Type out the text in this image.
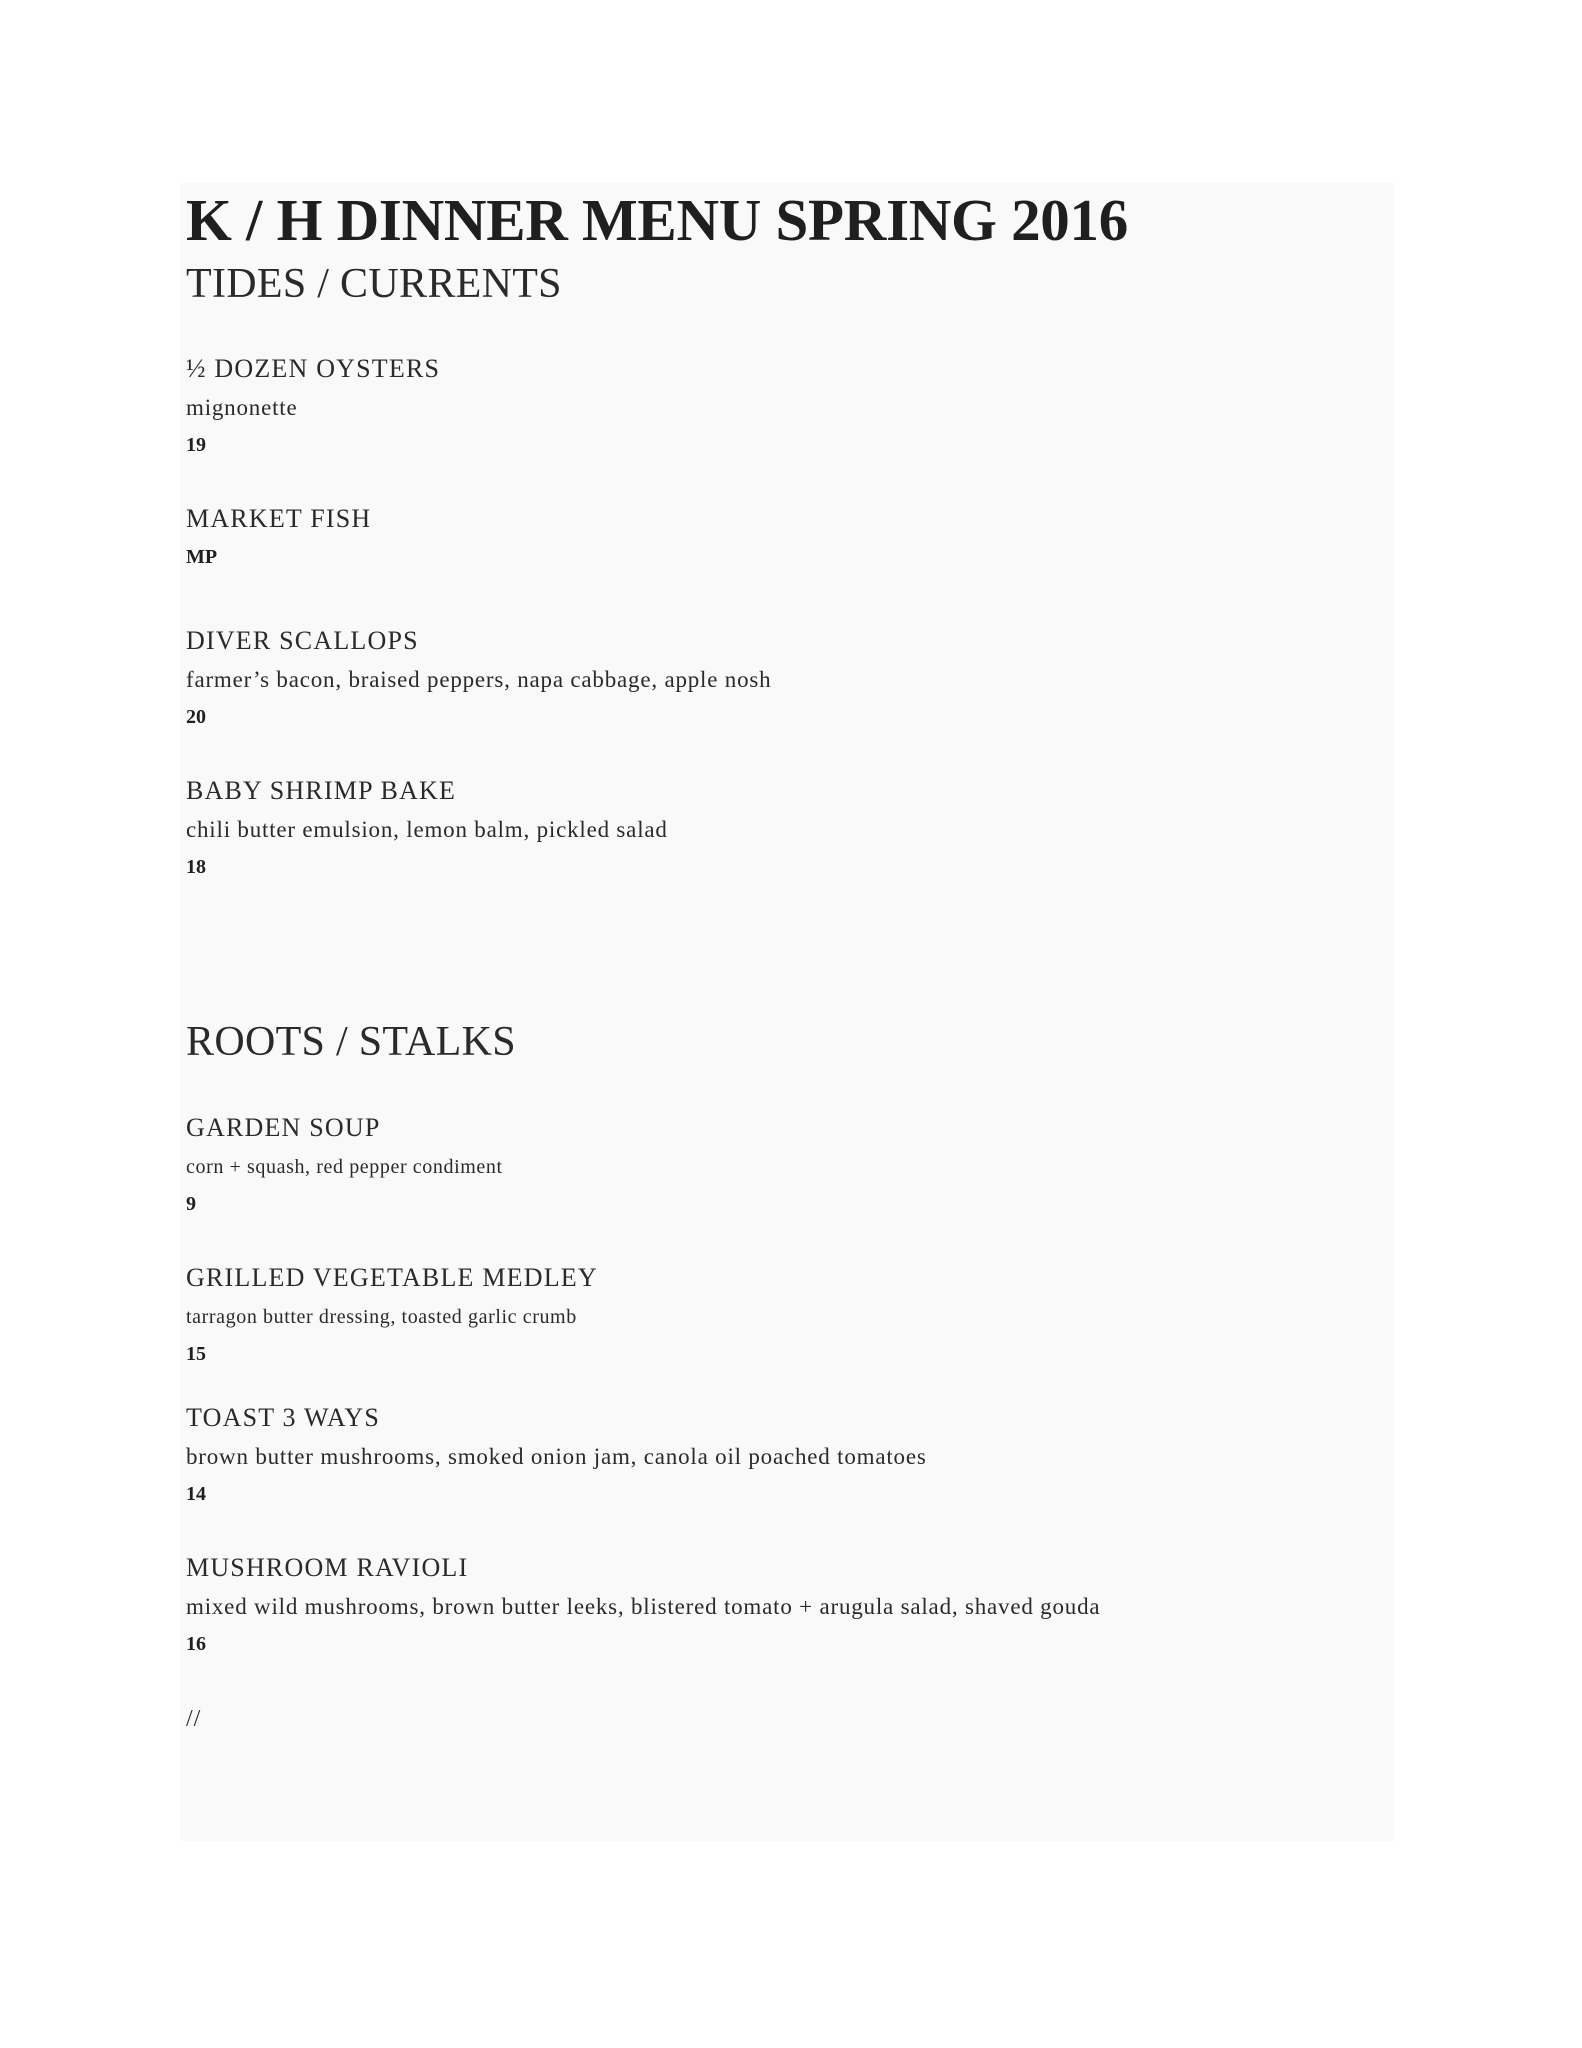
K / H DINNER MENU SPRING 2016
TIDES / CURRENTS
½ DOZEN OYSTERS
mignonette
19
MARKET FISH
MP
DIVER SCALLOPS
farmer’s bacon, braised peppers, napa cabbage, apple nosh
20
BABY SHRIMP BAKE
chili butter emulsion, lemon balm, pickled salad
18
ROOTS / STALKS
GARDEN SOUP
corn + squash, red pepper condiment
9
GRILLED VEGETABLE MEDLEY
tarragon butter dressing, toasted garlic crumb
15
TOAST 3 WAYS
brown butter mushrooms, smoked onion jam, canola oil poached tomatoes
14
MUSHROOM RAVIOLI
mixed wild mushrooms, brown butter leeks, blistered tomato + arugula salad, shaved gouda
16
//
